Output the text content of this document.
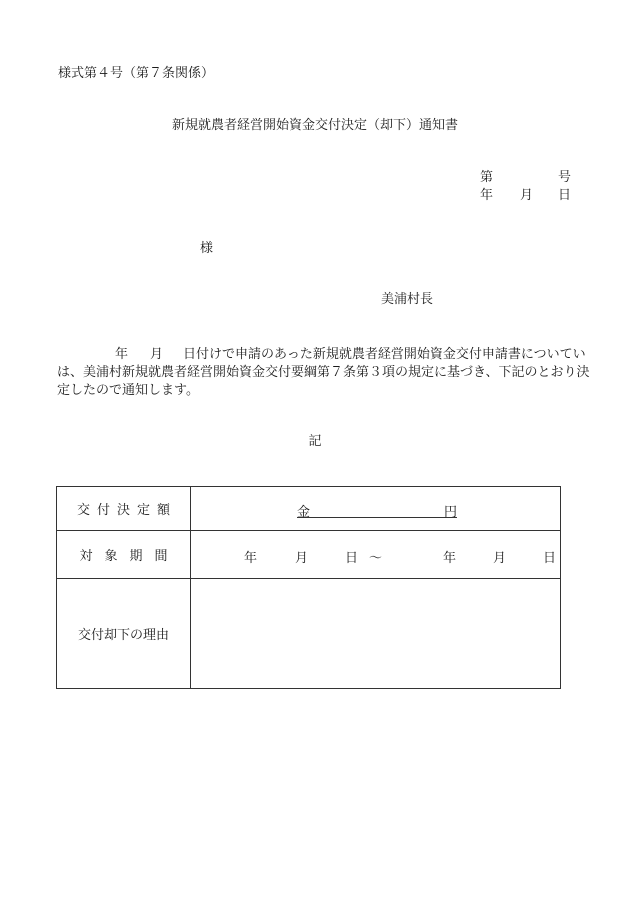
様式第４号（第７条関係）
新規就農者経営開始資金交付決定（却下）通知書
第	号
年 月 日
様
美浦村長
年 月 日付けで申請のあった新規就農者経営開始資金交付申請書についてい
は、美浦村新規就農者経営開始資金交付要綱第７条第３項の規定に基づき、下記のとおり決
定したので通知します。
記
交付決定額	金	円
対象期間	年	月	日 ～	年	月	日
交付却下の理由
